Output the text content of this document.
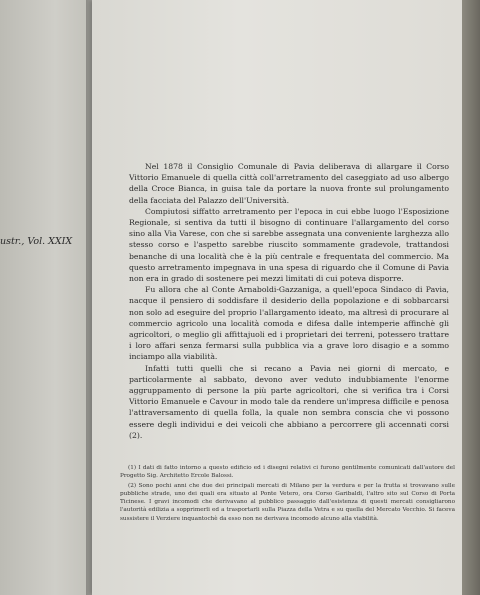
ustr., Vol. XXIX

Nel 1878 il Consiglio Comunale di Pavia deliberava di allargare il Corso Vittorio Emanuele di quella città coll'arretramento del caseggiato ad uso albergo della Croce Bianca, in guisa tale da portare la nuova fronte sul prolungamento della facciata del Palazzo dell'Università.

Compiutosi siffatto arretramento per l'epoca in cui ebbe luogo l'Esposizione Regionale, si sentiva da tutti il bisogno di continuare l'allargamento del corso sino alla Via Varese, con che si sarebbe assegnata una conveniente larghezza allo stesso corso e l'aspetto sarebbe riuscito sommamente gradevole, trattandosi benanche di una località che è la più centrale e frequentata del commercio. Ma questo arretramento impegnava in una spesa di riguardo che il Comune di Pavia non era in grado di sostenere pei mezzi limitati di cui poteva disporre.

Fu allora che al Conte Arnaboldi-Gazzaniga, a quell'epoca Sindaco di Pavia, nacque il pensiero di soddisfare il desiderio della popolazione e di sobbarcarsi non solo ad eseguire del proprio l'allargamento ideato, ma altresì di procurare al commercio agricolo una località comoda e difesa dalle intemperie affinchè gli agricoltori, o meglio gli affittajuoli ed i proprietari dei terreni, potessero trattare i loro affari senza fermarsi sulla pubblica via a grave loro disagio e a sommo inciampo alla viabilità.

Infatti tutti quelli che si recano a Pavia nei giorni di mercato, e particolarmente al sabbato, devono aver veduto indubbiamente l'enorme aggruppamento di persone la più parte agricoltori, che si verifica tra i Corsi Vittorio Emanuele e Cavour in modo tale da rendere un'impresa difficile e penosa l'attraversamento di quella folla, la quale non sembra conscia che vi possono essere degli individui e dei veicoli che abbiano a percorrere gli accennati corsi (2).

(1) I dati di fatto intorno a questo edificio ed i disegni relativi ci furono gentilmente comunicati dall'autore del Progetto Sig. Architetto Ercole Balossi.

(2) Sono pochi anni che due dei principali mercati di Milano per la verdura e per la frutta si trovavano sulle pubbliche strade, uno dei quali era situato al Ponte Vetero, ora Corso Garibaldi, l'altro sito sul Corso di Porta Ticinese. I gravi incomodi che derivavano al pubblico passaggio dall'esistenza di questi mercati consigliarono l'autorità edilizia a sopprimerli ed a trasportarli sulla Piazza della Vetra e su quella del Mercato Vecchio. Si faceva sussistere il Verziere inquantochè da esso non ne derivava incomodo alcuno alla viabilità.
